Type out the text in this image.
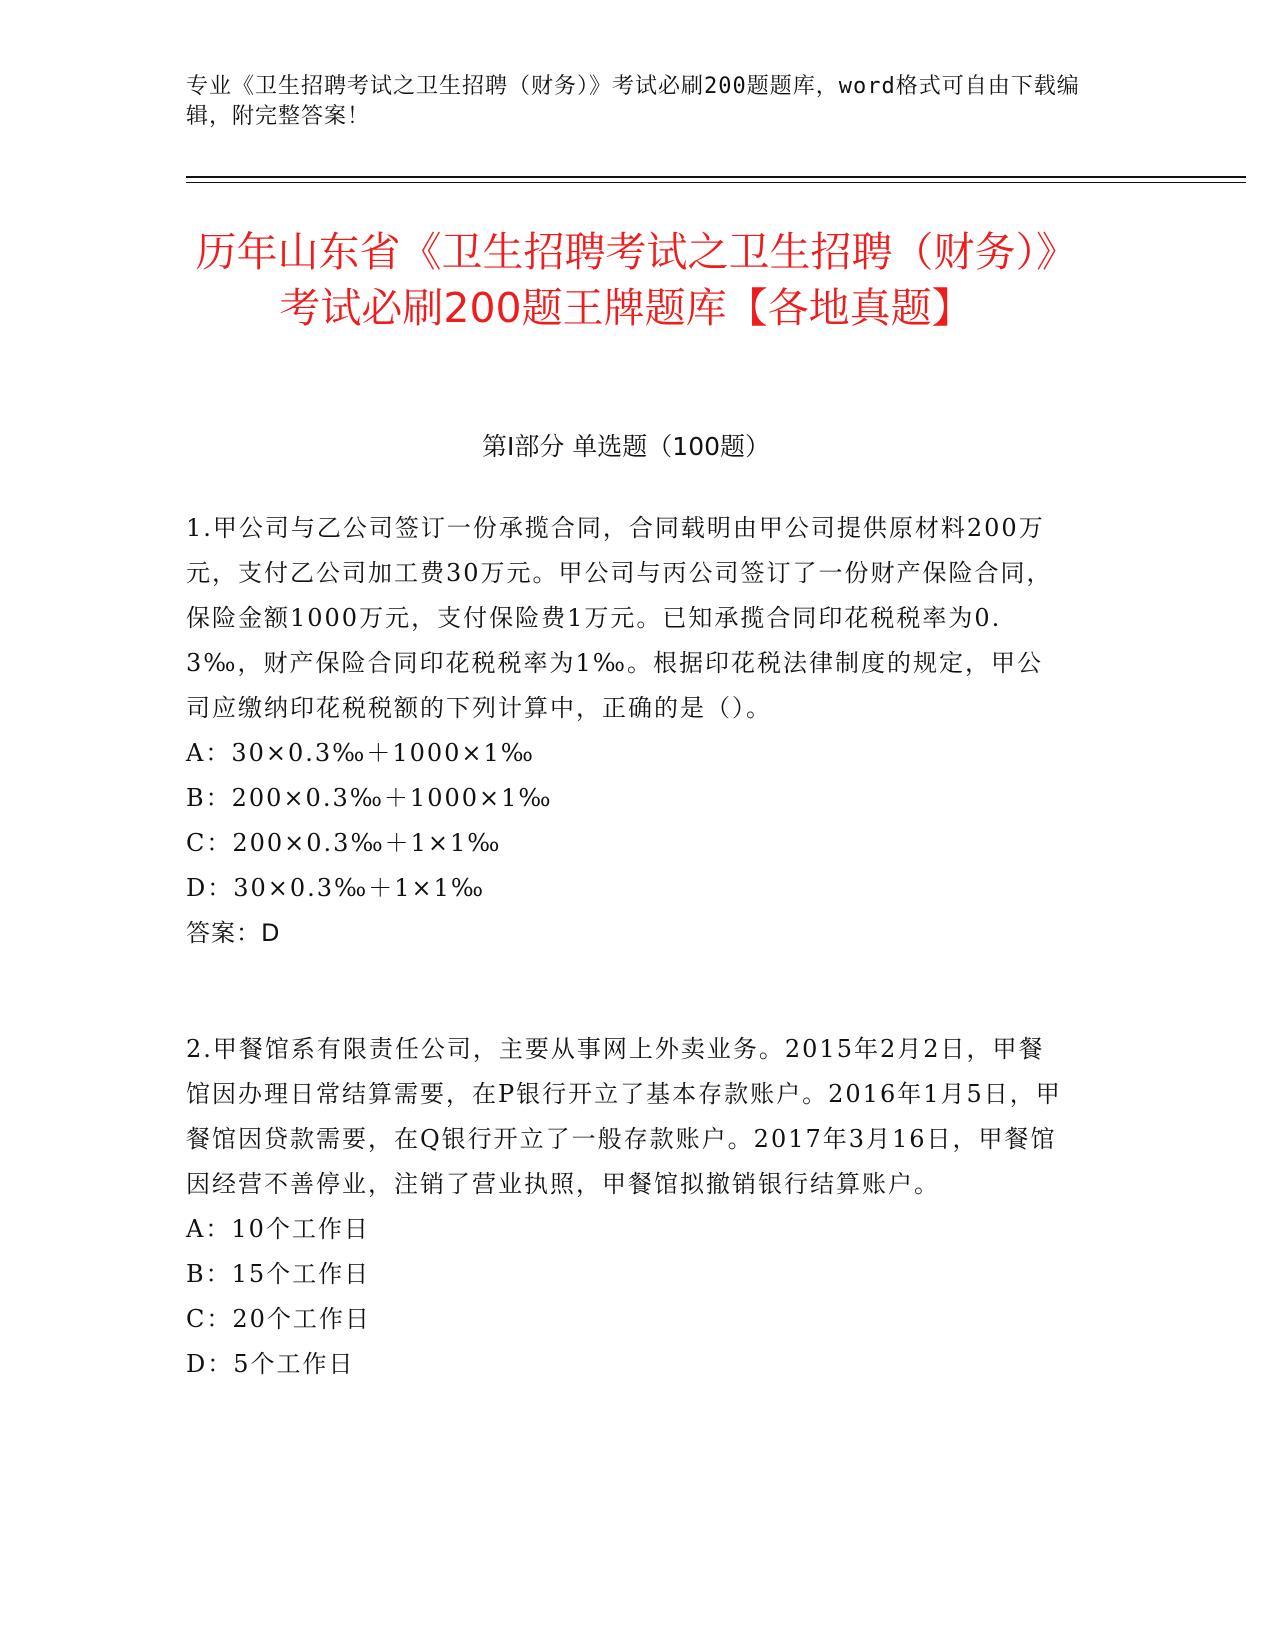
专业《卫生招聘考试之卫生招聘（财务）》考试必刷200题题库，word格式可自由下载编辑，附完整答案！
历年山东省《卫生招聘考试之卫生招聘（财务）》考试必刷200题王牌题库【各地真题】
第I部分 单选题（100题）

1.甲公司与乙公司签订一份承揽合同，合同载明由甲公司提供原材料200万元，支付乙公司加工费30万元。甲公司与丙公司签订了一份财产保险合同，保险金额1000万元，支付保险费1万元。已知承揽合同印花税税率为0.3‰，财产保险合同印花税税率为1‰。根据印花税法律制度的规定，甲公司应缴纳印花税税额的下列计算中，正确的是（）。

A：30×0.3‰＋1000×1‰

B：200×0.3‰＋1000×1‰

C：200×0.3‰＋1×1‰

D：30×0.3‰＋1×1‰

答案：D

2.甲餐馆系有限责任公司，主要从事网上外卖业务。2015年2月2日，甲餐馆因办理日常结算需要，在P银行开立了基本存款账户。2016年1月5日，甲餐馆因贷款需要，在Q银行开立了一般存款账户。2017年3月16日，甲餐馆因经营不善停业，注销了营业执照，甲餐馆拟撤销银行结算账户。

A：10个工作日

B：15个工作日

C：20个工作日

D：5个工作日
